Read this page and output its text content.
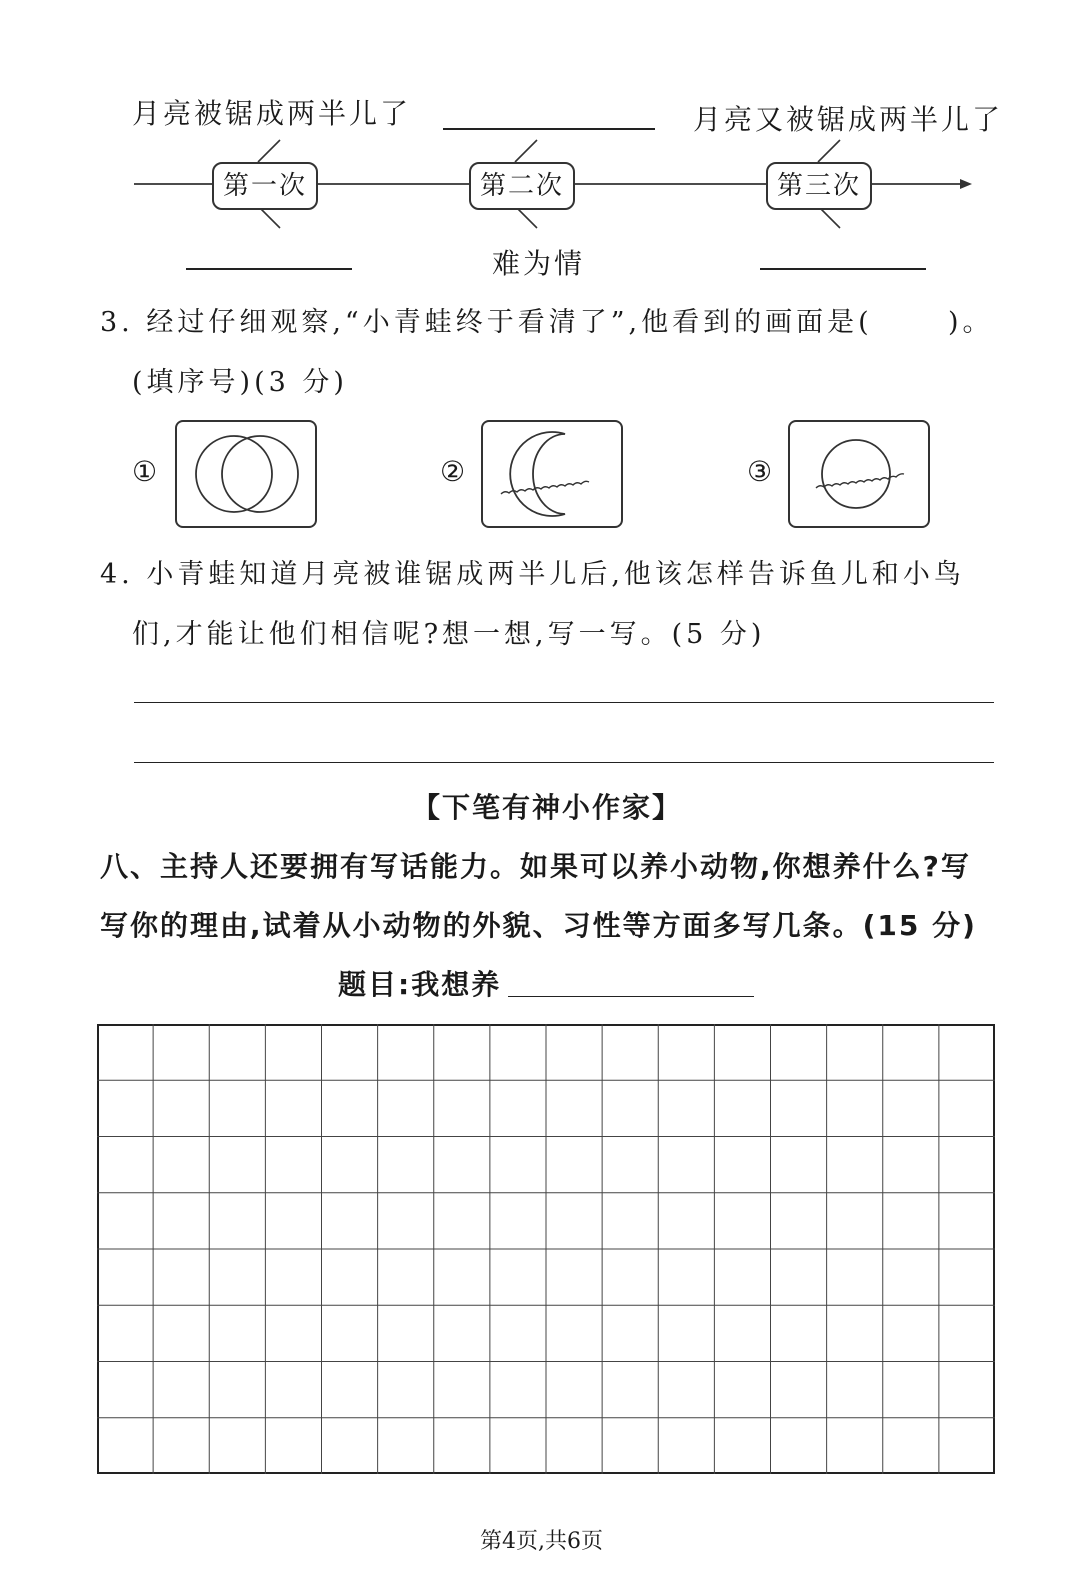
月亮被锯成两半儿了	月亮又被锯成两半儿了
第一次	第二次	第三次
难为情
3. 经过仔细观察,“小青蛙终于看清了”,他看到的画面是(	)。
(填序号)(3 分)
①	②	③
4. 小青蛙知道月亮被谁锯成两半儿后,他该怎样告诉鱼儿和小鸟
们,才能让他们相信呢?想一想,写一写。(5 分)
【下笔有神小作家】
八、主持人还要拥有写话能力。如果可以养小动物,你想养什么?写
写你的理由,试着从小动物的外貌、习性等方面多写几条。(15 分)
题目:我想养
第4页,共6页
